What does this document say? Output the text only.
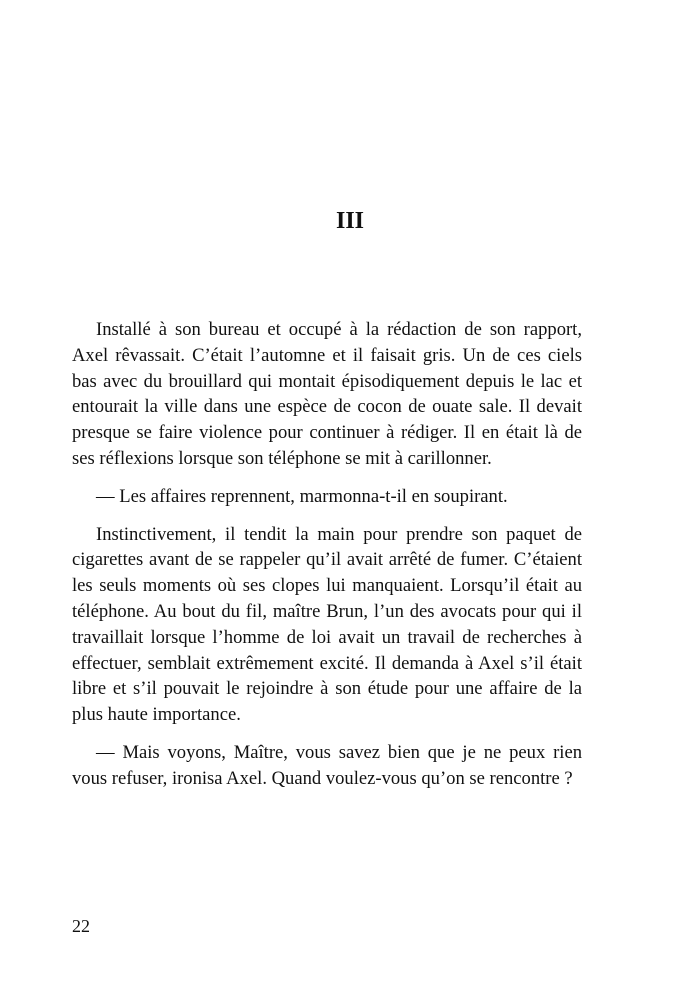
III

Installé à son bureau et occupé à la rédaction de son rapport, Axel rêvassait. C’était l’automne et il faisait gris. Un de ces ciels bas avec du brouillard qui montait épisodiquement depuis le lac et entourait la ville dans une espèce de cocon de ouate sale. Il devait presque se faire violence pour continuer à rédiger. Il en était là de ses réflexions lorsque son téléphone se mit à carillonner.

— Les affaires reprennent, marmonna-t-il en soupirant.

Instinctivement, il tendit la main pour prendre son paquet de cigarettes avant de se rappeler qu’il avait arrêté de fumer. C’étaient les seuls moments où ses clopes lui manquaient. Lorsqu’il était au téléphone. Au bout du fil, maître Brun, l’un des avocats pour qui il travaillait lorsque l’homme de loi avait un travail de recherches à effectuer, semblait extrêmement excité. Il demanda à Axel s’il était libre et s’il pouvait le rejoindre à son étude pour une affaire de la plus haute importance.

— Mais voyons, Maître, vous savez bien que je ne peux rien vous refuser, ironisa Axel. Quand voulez-vous qu’on se rencontre ?

22
